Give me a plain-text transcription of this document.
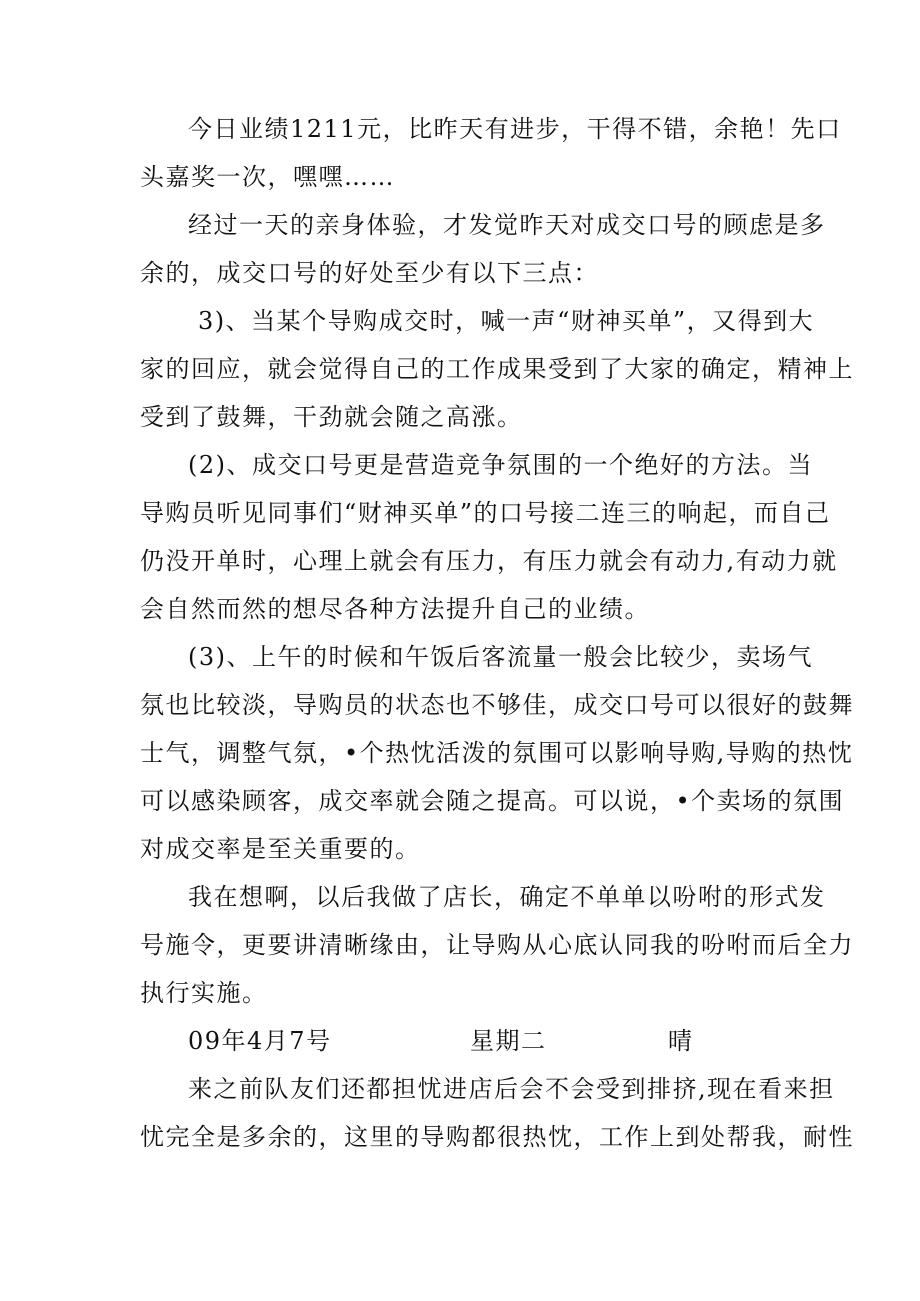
今日业绩1211元，比昨天有进步，干得不错，余艳！先口
头嘉奖一次，嘿嘿……
经过一天的亲身体验，才发觉昨天对成交口号的顾虑是多
余的，成交口号的好处至少有以下三点：
3)、当某个导购成交时，喊一声“财神买单”，又得到大
家的回应，就会觉得自己的工作成果受到了大家的确定，精神上
受到了鼓舞，干劲就会随之高涨。
(2)、成交口号更是营造竞争氛围的一个绝好的方法。当
导购员听见同事们“财神买单”的口号接二连三的响起，而自己
仍没开单时，心理上就会有压力，有压力就会有动力,有动力就
会自然而然的想尽各种方法提升自己的业绩。
(3)、上午的时候和午饭后客流量一般会比较少，卖场气
氛也比较淡，导购员的状态也不够佳，成交口号可以很好的鼓舞
士气，调整气氛，•个热忱活泼的氛围可以影响导购,导购的热忱
可以感染顾客，成交率就会随之提高。可以说，•个卖场的氛围
对成交率是至关重要的。
我在想啊，以后我做了店长，确定不单单以吩咐的形式发
号施令，更要讲清晰缘由，让导购从心底认同我的吩咐而后全力
执行实施。
09年4月7号	星期二	晴
来之前队友们还都担忧进店后会不会受到排挤,现在看来担
忧完全是多余的，这里的导购都很热忱，工作上到处帮我，耐性
